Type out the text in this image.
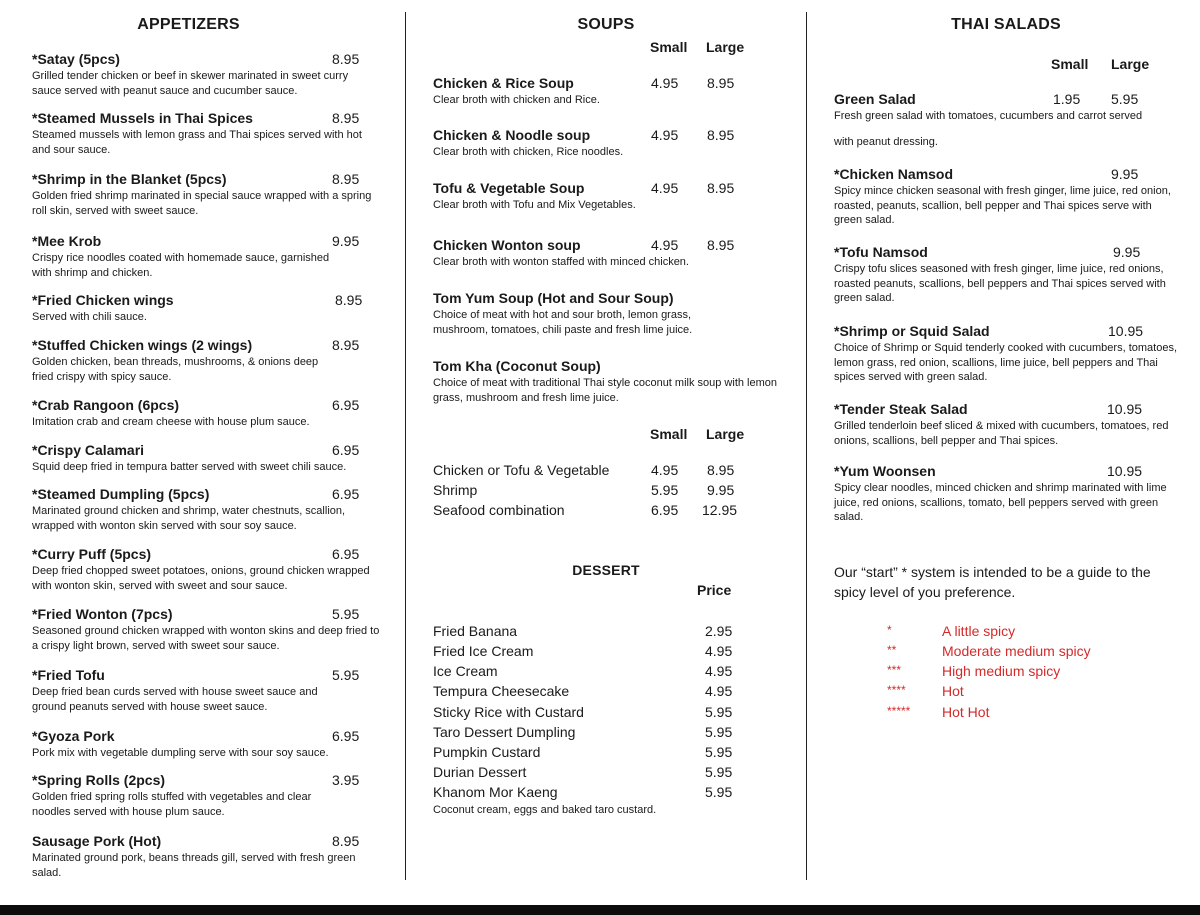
APPETIZERS
*Satay (5pcs)	8.95
Grilled tender chicken or beef in skewer marinated in sweet curry sauce served with peanut sauce and cucumber sauce.
*Steamed Mussels in Thai Spices	8.95
Steamed mussels with lemon grass and Thai spices served with hot and sour sauce.
*Shrimp in the Blanket (5pcs)	8.95
Golden fried shrimp marinated in special sauce wrapped with a spring roll skin, served with sweet sauce.
*Mee Krob	9.95
Crispy rice noodles coated with homemade sauce, garnished with shrimp and chicken.
*Fried Chicken wings	8.95
Served with chili sauce.
*Stuffed Chicken wings (2 wings)	8.95
Golden chicken, bean threads, mushrooms, & onions deep fried crispy with spicy sauce.
*Crab Rangoon (6pcs)	6.95
Imitation crab and cream cheese with house plum sauce.
*Crispy Calamari	6.95
Squid deep fried in tempura batter served with sweet chili sauce.
*Steamed Dumpling (5pcs)	6.95
Marinated ground chicken and shrimp, water chestnuts, scallion, wrapped with wonton skin served with sour soy sauce.
*Curry Puff (5pcs)	6.95
Deep fried chopped sweet potatoes, onions, ground chicken wrapped with wonton skin, served with sweet and sour sauce.
*Fried Wonton (7pcs)	5.95
Seasoned ground chicken wrapped with wonton skins and deep fried to a crispy light brown, served with sweet sour sauce.
*Fried Tofu	5.95
Deep fried bean curds served with house sweet sauce and ground peanuts served with house sweet sauce.
*Gyoza Pork	6.95
Pork mix with vegetable dumpling serve with sour soy sauce.
*Spring Rolls (2pcs)	3.95
Golden fried spring rolls stuffed with vegetables and clear noodles served with house plum sauce.
Sausage Pork (Hot)	8.95
Marinated ground pork, beans threads gill, served with fresh green salad.
SOUPS
Small Large
Chicken & Rice Soup	4.95 8.95
Clear broth with chicken and Rice.
Chicken & Noodle soup	4.95 8.95
Clear broth with chicken, Rice noodles.
Tofu & Vegetable Soup	4.95 8.95
Clear broth with Tofu and Mix Vegetables.
Chicken Wonton soup	4.95 8.95
Clear broth with wonton staffed with minced chicken.
Tom Yum Soup (Hot and Sour Soup)
Choice of meat with hot and sour broth, lemon grass, mushroom, tomatoes, chili paste and fresh lime juice.
Tom Kha (Coconut Soup)
Choice of meat with traditional Thai style coconut milk soup with lemon grass, mushroom and fresh lime juice.
Small Large
Chicken or Tofu & Vegetable	4.95 8.95
Shrimp	5.95 9.95
Seafood combination	6.95 12.95
DESSERT
Price
Fried Banana	2.95
Fried Ice Cream	4.95
Ice Cream	4.95
Tempura Cheesecake	4.95
Sticky Rice with Custard	5.95
Taro Dessert Dumpling	5.95
Pumpkin Custard	5.95
Durian Dessert	5.95
Khanom Mor Kaeng	5.95
Coconut cream, eggs and baked taro custard.
THAI SALADS
Small Large
Green Salad	1.95 5.95
Fresh green salad with tomatoes, cucumbers and carrot served
with peanut dressing.
*Chicken Namsod	9.95
Spicy mince chicken seasonal with fresh ginger, lime juice, red onion, roasted, peanuts, scallion, bell pepper and Thai spices serve with green salad.
*Tofu Namsod	9.95
Crispy tofu slices seasoned with fresh ginger, lime juice, red onions, roasted peanuts, scallions, bell peppers and Thai spices served with green salad.
*Shrimp or Squid Salad	10.95
Choice of Shrimp or Squid tenderly cooked with cucumbers, tomatoes, lemon grass, red onion, scallions, lime juice, bell peppers and Thai spices served with green salad.
*Tender Steak Salad	10.95
Grilled tenderloin beef sliced & mixed with cucumbers, tomatoes, red onions, scallions, bell pepper and Thai spices.
*Yum Woonsen	10.95
Spicy clear noodles, minced chicken and shrimp marinated with lime juice, red onions, scallions, tomato, bell peppers served with green salad.
Our “start” * system is intended to be a guide to the spicy level of you preference.
*	A little spicy
**	Moderate medium spicy
***	High medium spicy
****	Hot
***** Hot Hot
